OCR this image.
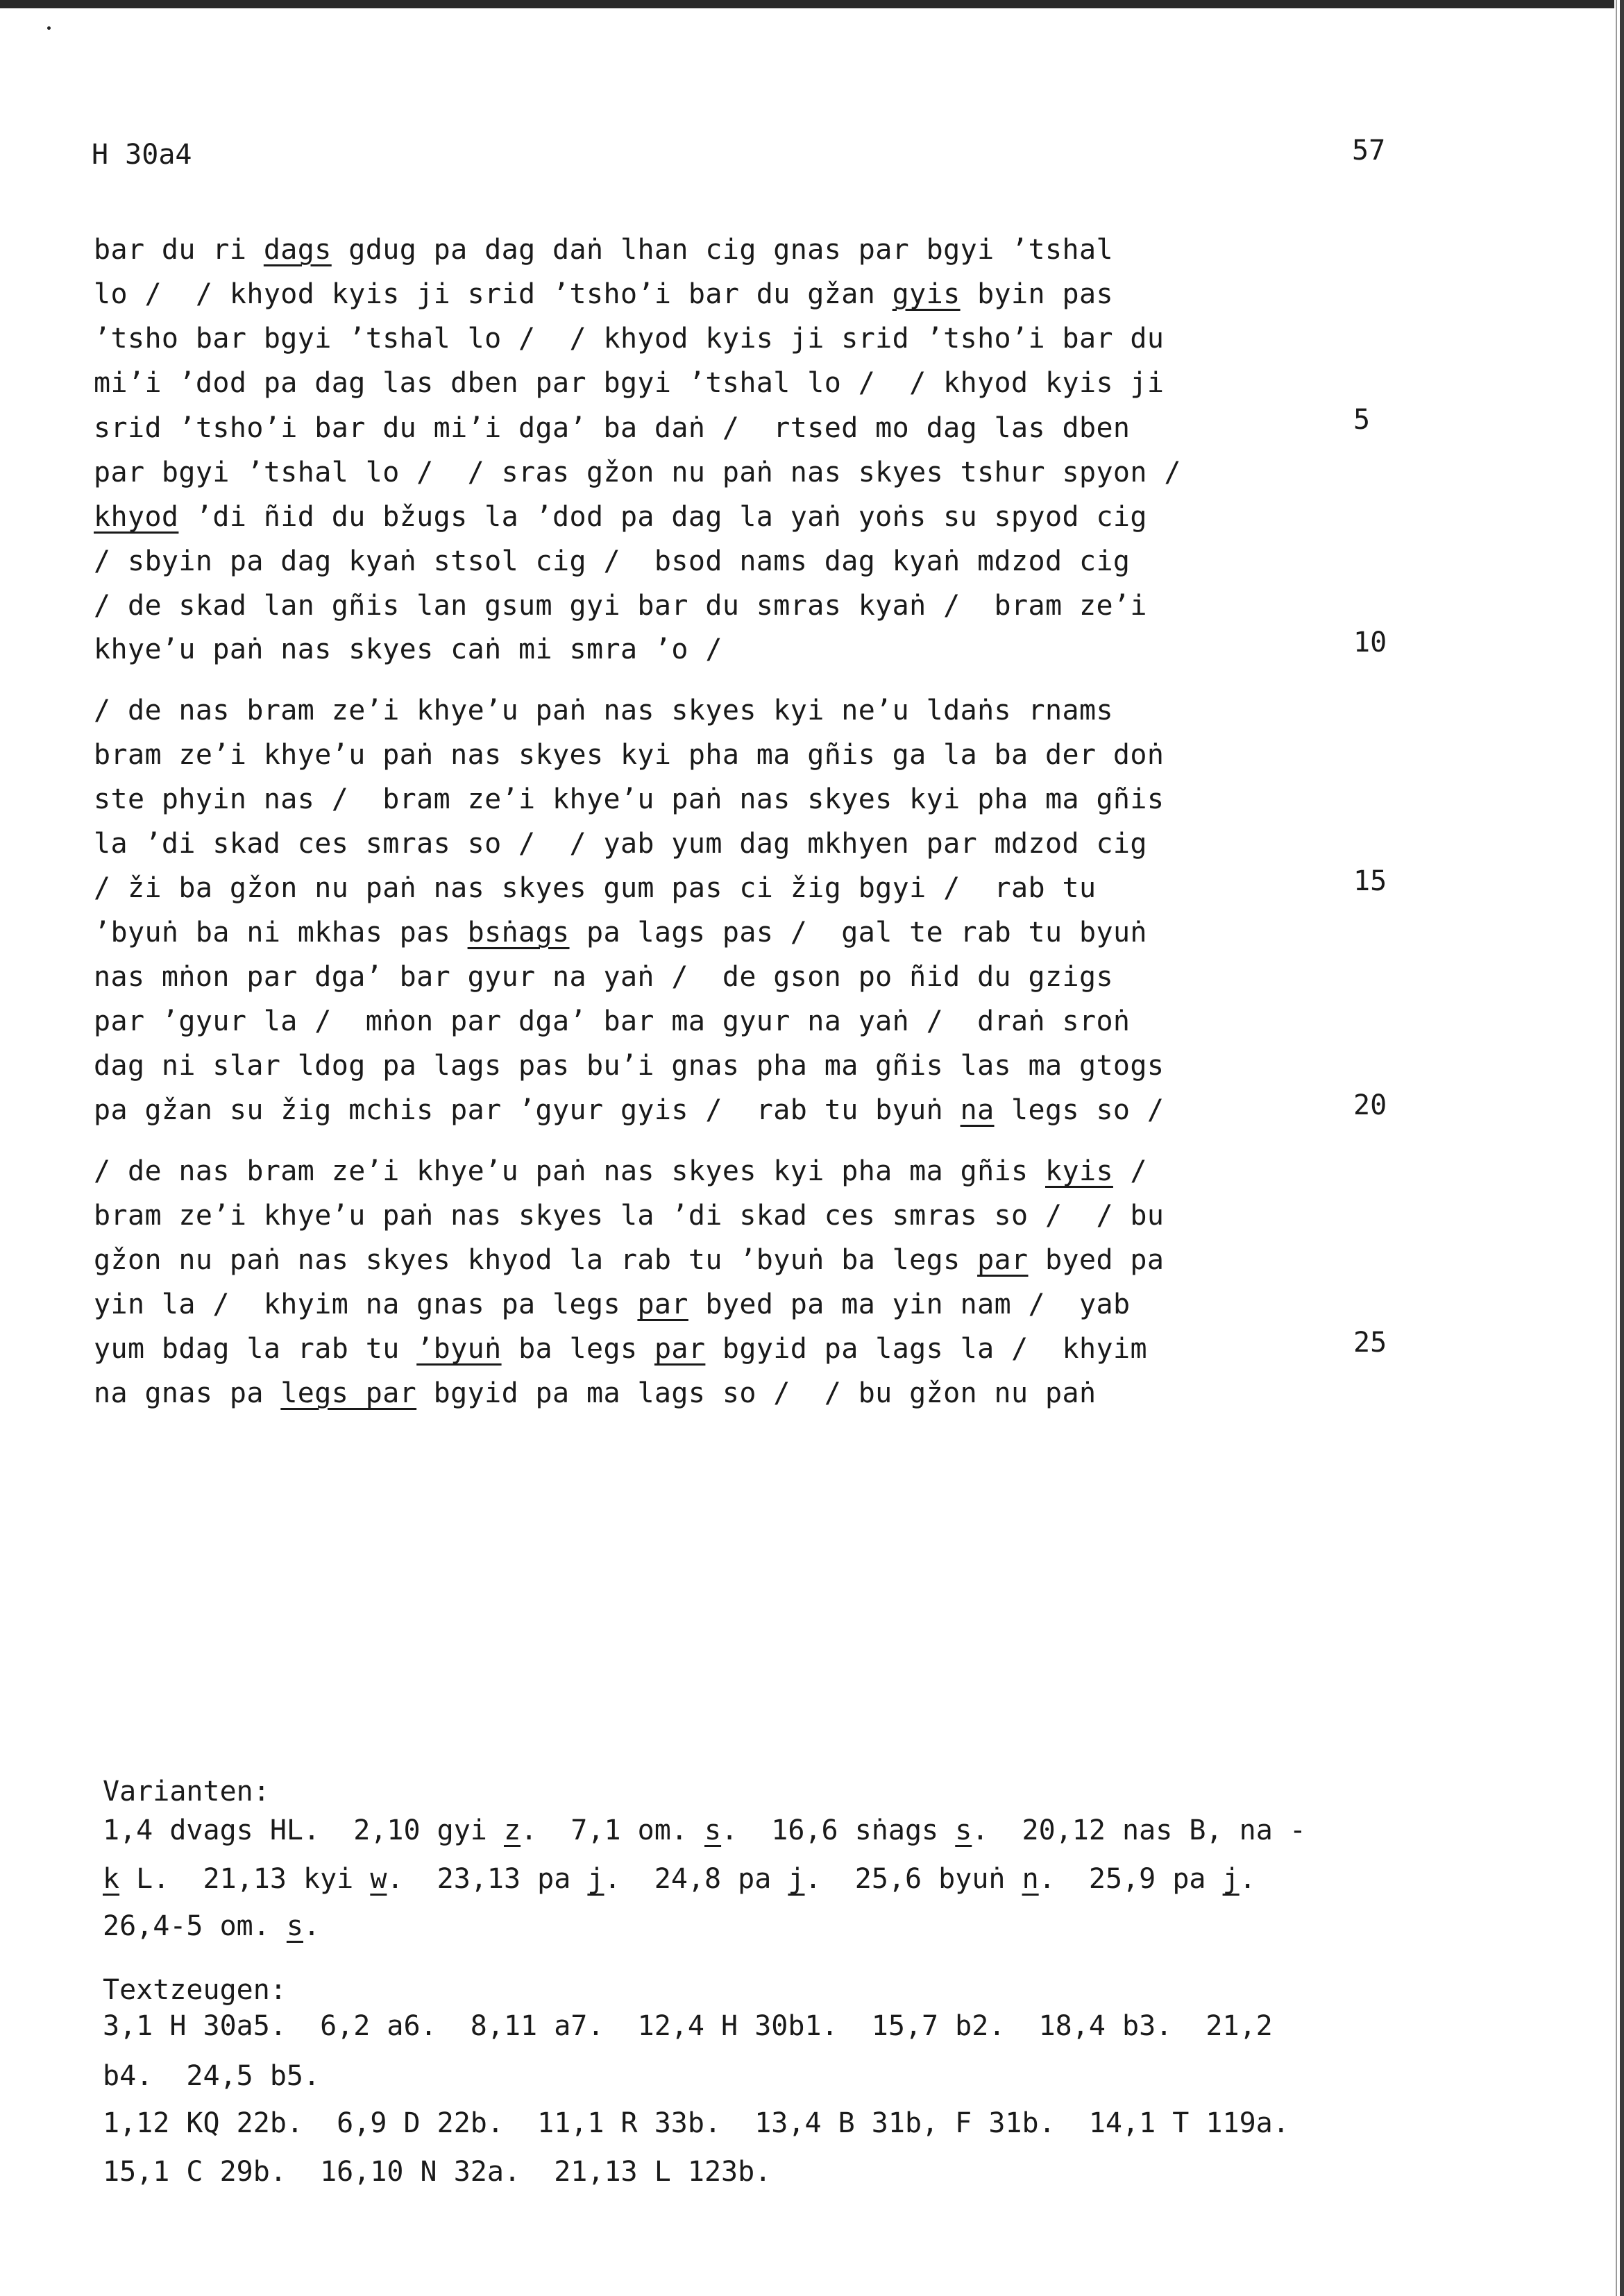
H 30a4	57
bar du ri dags gdug pa dag daṅ lhan cig gnas par bgyi ’tshal
lo /  / khyod kyis ji srid ’tsho’i bar du gžan gyis byin pas
’tsho bar bgyi ’tshal lo /  / khyod kyis ji srid ’tsho’i bar du
mi’i ’dod pa dag las dben par bgyi ’tshal lo /  / khyod kyis ji
srid ’tsho’i bar du mi’i dga’ ba daṅ /  rtsed mo dag las dben
par bgyi ’tshal lo /  / sras gžon nu paṅ nas skyes tshur spyon /
khyod ’di ñid du bžugs la ’dod pa dag la yaṅ yoṅs su spyod cig
/ sbyin pa dag kyaṅ stsol cig /  bsod nams dag kyaṅ mdzod cig
/ de skad lan gñis lan gsum gyi bar du smras kyaṅ /  bram ze’i
khye’u paṅ nas skyes caṅ mi smra ’o /
/ de nas bram ze’i khye’u paṅ nas skyes kyi ne’u ldaṅs rnams
bram ze’i khye’u paṅ nas skyes kyi pha ma gñis ga la ba der doṅ
ste phyin nas /  bram ze’i khye’u paṅ nas skyes kyi pha ma gñis
la ’di skad ces smras so /  / yab yum dag mkhyen par mdzod cig
/ ži ba gžon nu paṅ nas skyes gum pas ci žig bgyi /  rab tu
’byuṅ ba ni mkhas pas bsṅags pa lags pas /  gal te rab tu byuṅ
nas mṅon par dga’ bar gyur na yaṅ /  de gson po ñid du gzigs
par ’gyur la /  mṅon par dga’ bar ma gyur na yaṅ /  draṅ sroṅ
dag ni slar ldog pa lags pas bu’i gnas pha ma gñis las ma gtogs
pa gžan su žig mchis par ’gyur gyis /  rab tu byuṅ na legs so /
/ de nas bram ze’i khye’u paṅ nas skyes kyi pha ma gñis kyis /
bram ze’i khye’u paṅ nas skyes la ’di skad ces smras so /  / bu
gžon nu paṅ nas skyes khyod la rab tu ’byuṅ ba legs par byed pa
yin la /  khyim na gnas pa legs par byed pa ma yin nam /  yab
yum bdag la rab tu ’byuṅ ba legs par bgyid pa lags la /  khyim
na gnas pa legs par bgyid pa ma lags so /  / bu gžon nu paṅ
5
10
15
20
25
Varianten:
1,4 dvags HL.  2,10 gyi z.  7,1 om. s.  16,6 sṅags s.  20,12 nas B, na -
k L.  21,13 kyi w.  23,13 pa j.  24,8 pa j.  25,6 byuṅ n.  25,9 pa j.
26,4-5 om. s.
Textzeugen:
3,1 H 30a5.  6,2 a6.  8,11 a7.  12,4 H 30b1.  15,7 b2.  18,4 b3.  21,2
b4.  24,5 b5.
1,12 KQ 22b.  6,9 D 22b.  11,1 R 33b.  13,4 B 31b, F 31b.  14,1 T 119a.
15,1 C 29b.  16,10 N 32a.  21,13 L 123b.
